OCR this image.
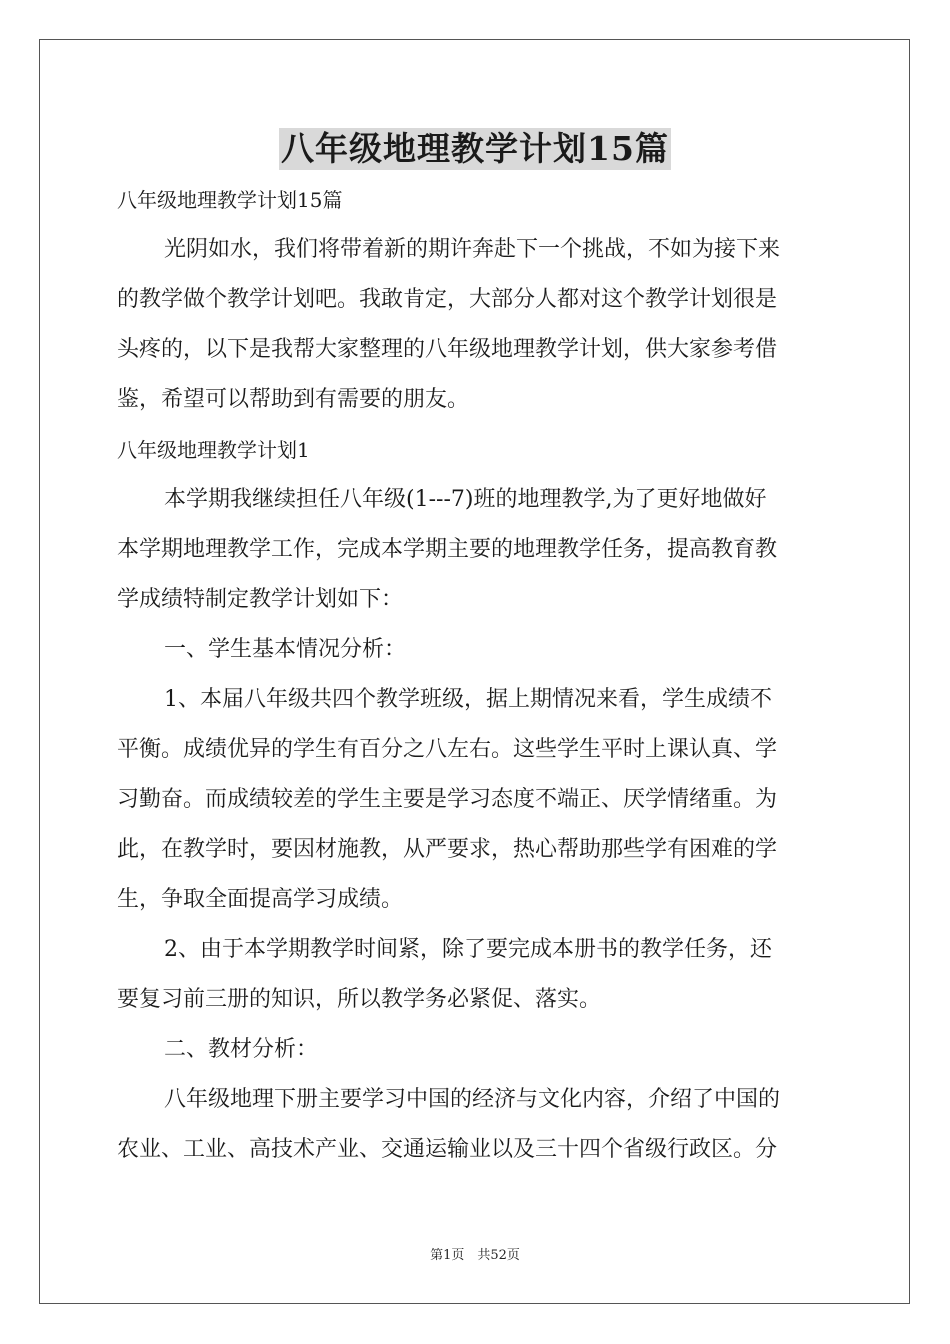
八年级地理教学计划15篇
八年级地理教学计划15篇
光阴如水，我们将带着新的期许奔赴下一个挑战，不如为接下来
的教学做个教学计划吧。我敢肯定，大部分人都对这个教学计划很是
头疼的，以下是我帮大家整理的八年级地理教学计划，供大家参考借
鉴，希望可以帮助到有需要的朋友。
八年级地理教学计划1
本学期我继续担任八年级(1---7)班的地理教学,为了更好地做好
本学期地理教学工作，完成本学期主要的地理教学任务，提高教育教
学成绩特制定教学计划如下：
一、学生基本情况分析：
1、本届八年级共四个教学班级，据上期情况来看，学生成绩不
平衡。成绩优异的学生有百分之八左右。这些学生平时上课认真、学
习勤奋。而成绩较差的学生主要是学习态度不端正、厌学情绪重。为
此，在教学时，要因材施教，从严要求，热心帮助那些学有困难的学
生，争取全面提高学习成绩。
2、由于本学期教学时间紧，除了要完成本册书的教学任务，还
要复习前三册的知识，所以教学务必紧促、落实。
二、教材分析：
八年级地理下册主要学习中国的经济与文化内容，介绍了中国的
农业、工业、高技术产业、交通运输业以及三十四个省级行政区。分
第1页　共52页
